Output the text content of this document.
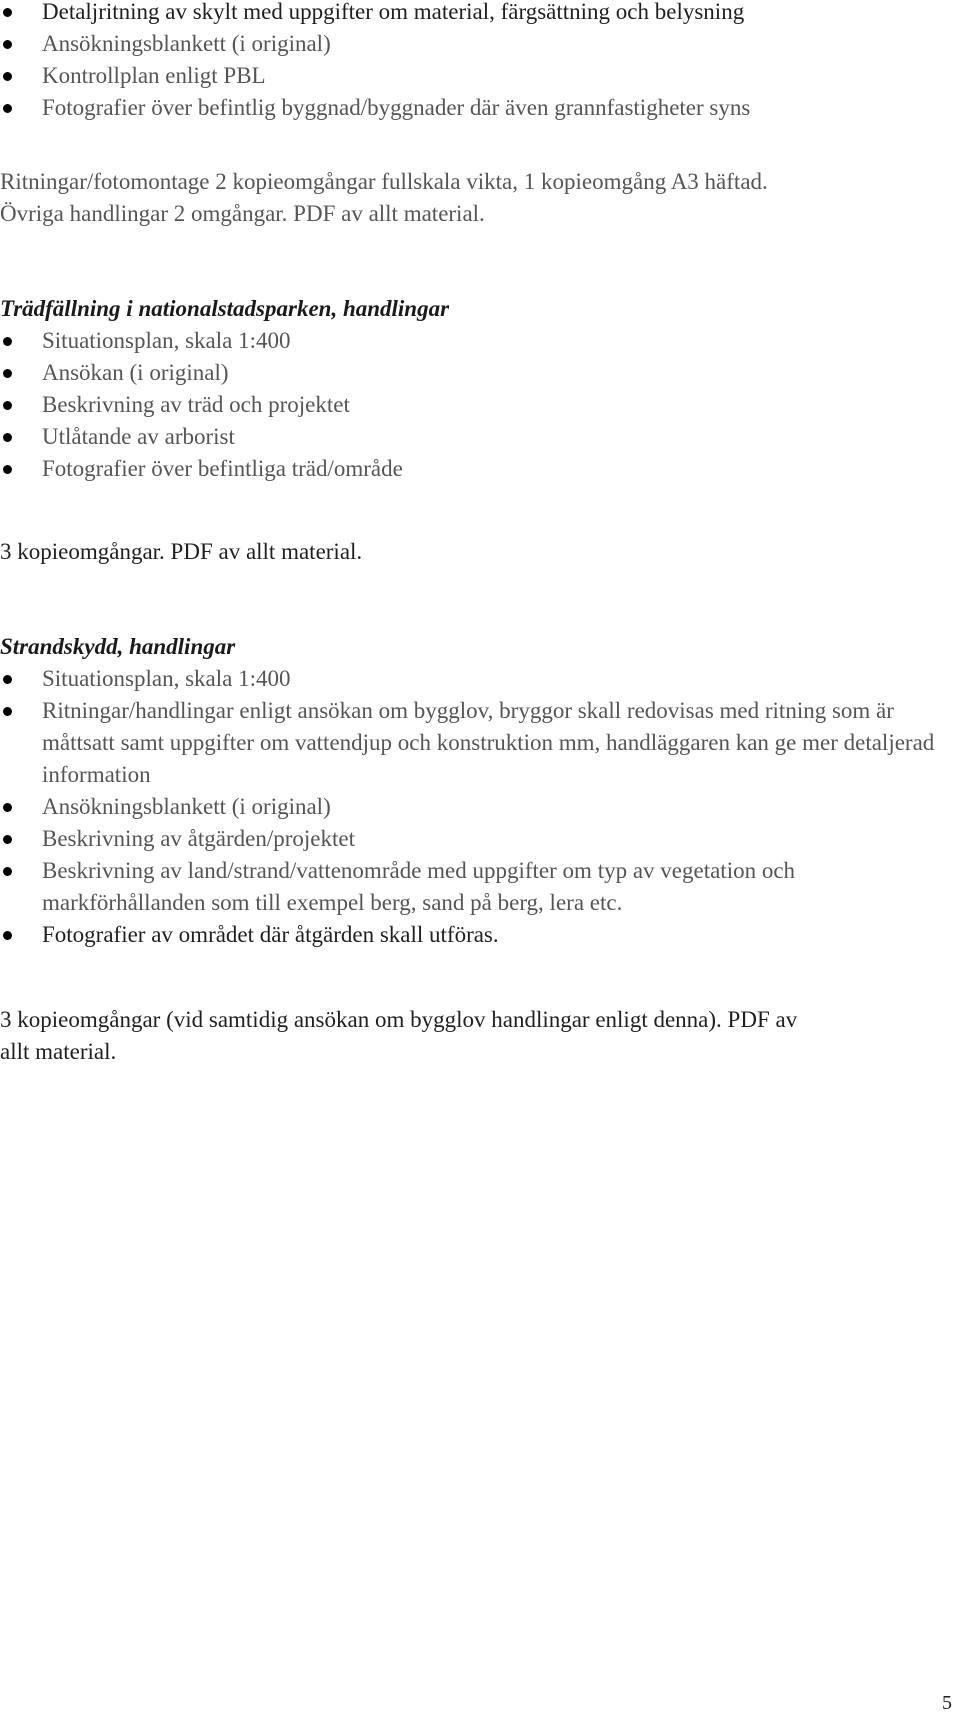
Detaljritning av skylt med uppgifter om material, färgsättning och belysning
Ansökningsblankett (i original)
Kontrollplan enligt PBL
Fotografier över befintlig byggnad/byggnader där även grannfastigheter syns

Ritningar/fotomontage 2 kopieomgångar fullskala vikta, 1 kopieomgång A3 häftad.

Övriga handlingar 2 omgångar. PDF av allt material.

Trädfällning i nationalstadsparken, handlingar
Situationsplan, skala 1:400
Ansökan (i original)
Beskrivning av träd och projektet
Utlåtande av arborist
Fotografier över befintliga träd/område

3 kopieomgångar. PDF av allt material.

Strandskydd, handlingar
Situationsplan, skala 1:400
Ritningar/handlingar enligt ansökan om bygglov, bryggor skall redovisas med ritning som är måttsatt samt uppgifter om vattendjup och konstruktion mm, handläggaren kan ge mer detaljerad information
Ansökningsblankett (i original)
Beskrivning av åtgärden/projektet
Beskrivning av land/strand/vattenområde med uppgifter om typ av vegetation och markförhållanden som till exempel berg, sand på berg, lera etc.
Fotografier av området där åtgärden skall utföras.

3 kopieomgångar (vid samtidig ansökan om bygglov handlingar enligt denna). PDF av

allt material.

5
